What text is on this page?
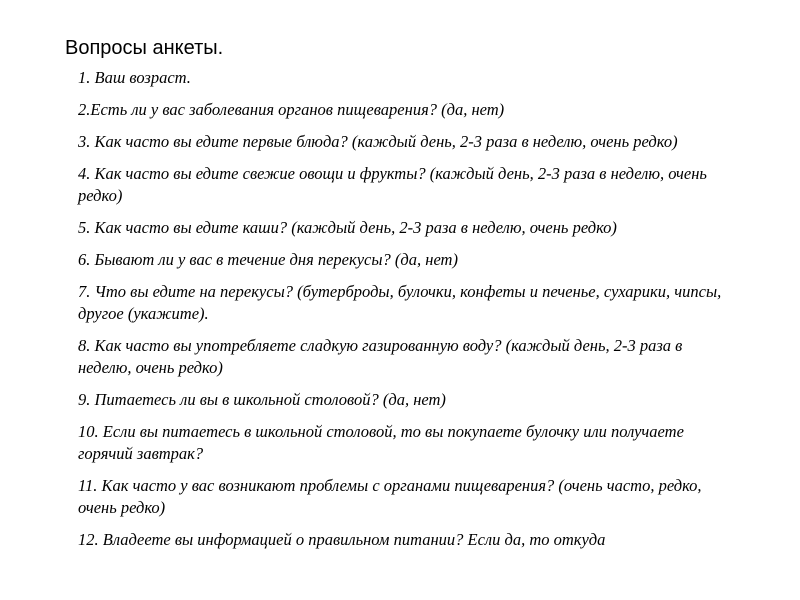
Вопросы анкеты.
1. Ваш возраст.
2.Есть ли у вас заболевания органов пищеварения? (да, нет)
3. Как часто вы едите первые блюда? (каждый день, 2-3 раза в неделю, очень редко)
4. Как часто вы едите свежие овощи и фрукты? (каждый день, 2-3 раза в неделю, очень редко)
5. Как часто вы едите каши? (каждый день, 2-3 раза в неделю, очень редко)
6. Бывают ли у вас в течение дня перекусы? (да, нет)
7. Что вы едите на перекусы? (бутерброды, булочки, конфеты и печенье, сухарики, чипсы, другое (укажите).
8. Как часто вы употребляете сладкую газированную воду? (каждый день, 2-3 раза в неделю, очень редко)
9. Питаетесь ли вы в школьной столовой? (да, нет)
10. Если вы питаетесь в школьной столовой, то вы покупаете булочку или получаете горячий завтрак?
11. Как часто у вас возникают проблемы с органами пищеварения? (очень часто, редко, очень редко)
12. Владеете вы информацией о правильном питании? Если да, то откуда
